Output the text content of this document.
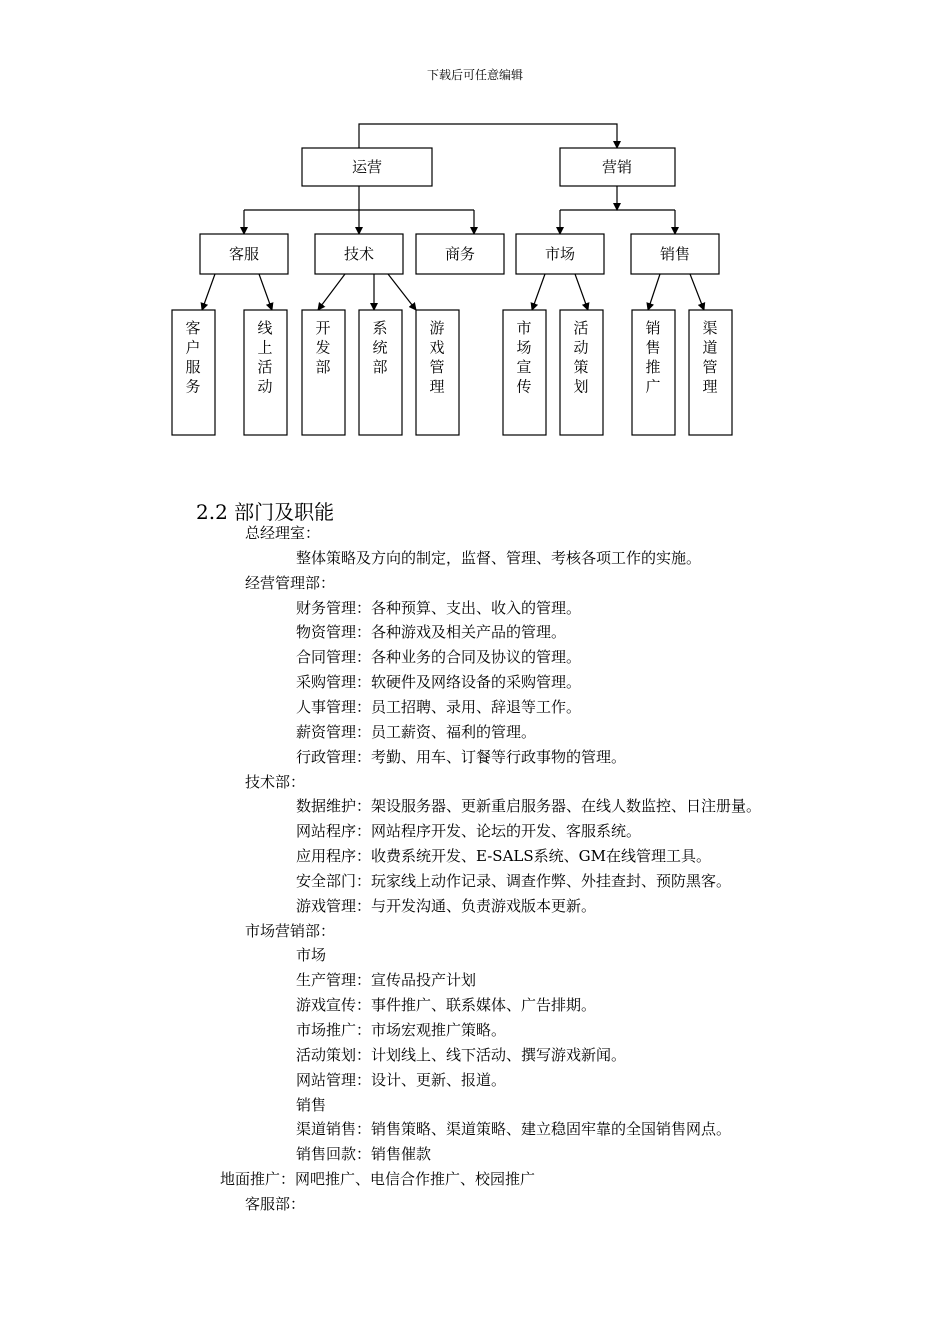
下载后可任意编辑
运营	营销
客服	技术	商务	市场	销售
客户服务
线上活动
开发部
系统部
游戏管理
市场宣传
活动策划
销售推广
渠道管理
2.2 部门及职能
总经理室：
整体策略及方向的制定，监督、管理、考核各项工作的实施。
经营管理部：
财务管理：各种预算、支出、收入的管理。
物资管理：各种游戏及相关产品的管理。
合同管理：各种业务的合同及协议的管理。
采购管理：软硬件及网络设备的采购管理。
人事管理：员工招聘、录用、辞退等工作。
薪资管理：员工薪资、福利的管理。
行政管理：考勤、用车、订餐等行政事物的管理。
技术部：
数据维护：架设服务器、更新重启服务器、在线人数监控、日注册量。
网站程序：网站程序开发、论坛的开发、客服系统。
应用程序：收费系统开发、E-SALS系统、GM在线管理工具。
安全部门：玩家线上动作记录、调查作弊、外挂查封、预防黑客。
游戏管理：与开发沟通、负责游戏版本更新。
市场营销部：
市场
生产管理：宣传品投产计划
游戏宣传：事件推广、联系媒体、广告排期。
市场推广：市场宏观推广策略。
活动策划：计划线上、线下活动、撰写游戏新闻。
网站管理：设计、更新、报道。
销售
渠道销售：销售策略、渠道策略、建立稳固牢靠的全国销售网点。
销售回款：销售催款
地面推广：网吧推广、电信合作推广、校园推广
客服部：
